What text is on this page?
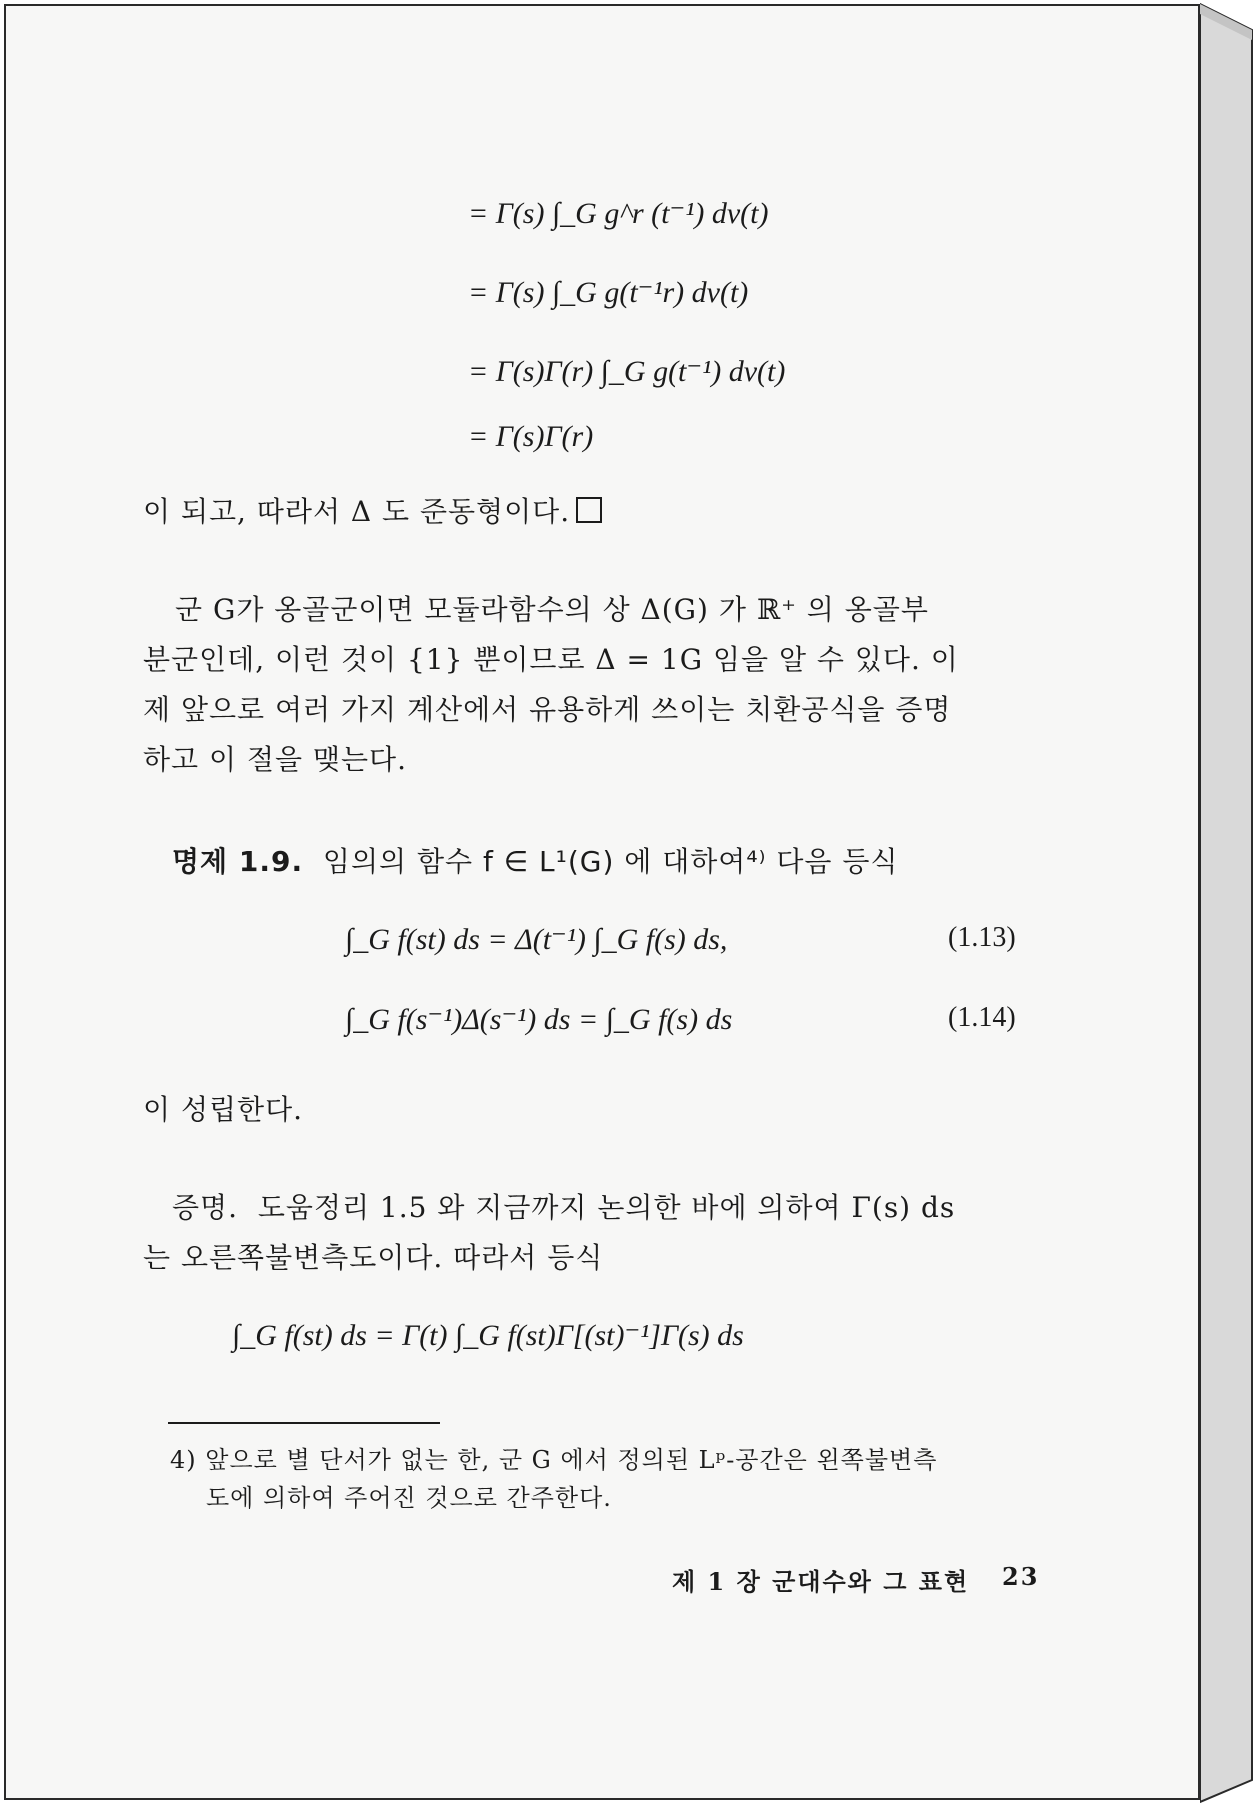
= Γ(s) ∫_G g^r (t⁻¹) dν(t)
= Γ(s) ∫_G g(t⁻¹r) dν(t)
= Γ(s)Γ(r) ∫_G g(t⁻¹) dν(t)
= Γ(s)Γ(r)
이 되고, 따라서 Δ 도 준동형이다.
군 G가 옹골군이면 모듈라함수의 상 Δ(G) 가 ℝ⁺ 의 옹골부
분군인데, 이런 것이 {1} 뿐이므로 Δ = 1G 임을 알 수 있다. 이
제 앞으로 여러 가지 계산에서 유용하게 쓰이는 치환공식을 증명
하고 이 절을 맺는다.
명제 1.9. 임의의 함수 f ∈ L¹(G) 에 대하여⁴⁾ 다음 등식
∫_G f(st) ds = Δ(t⁻¹) ∫_G f(s) ds,	(1.13)
∫_G f(s⁻¹)Δ(s⁻¹) ds = ∫_G f(s) ds	(1.14)
이 성립한다.
증명. 도움정리 1.5 와 지금까지 논의한 바에 의하여 Γ(s) ds
는 오른쪽불변측도이다. 따라서 등식
∫_G f(st) ds = Γ(t) ∫_G f(st)Γ[(st)⁻¹]Γ(s) ds
4) 앞으로 별 단서가 없는 한, 군 G 에서 정의된 Lᵖ-공간은 왼쪽불변측
도에 의하여 주어진 것으로 간주한다.
제 1 장 군대수와 그 표현 23
